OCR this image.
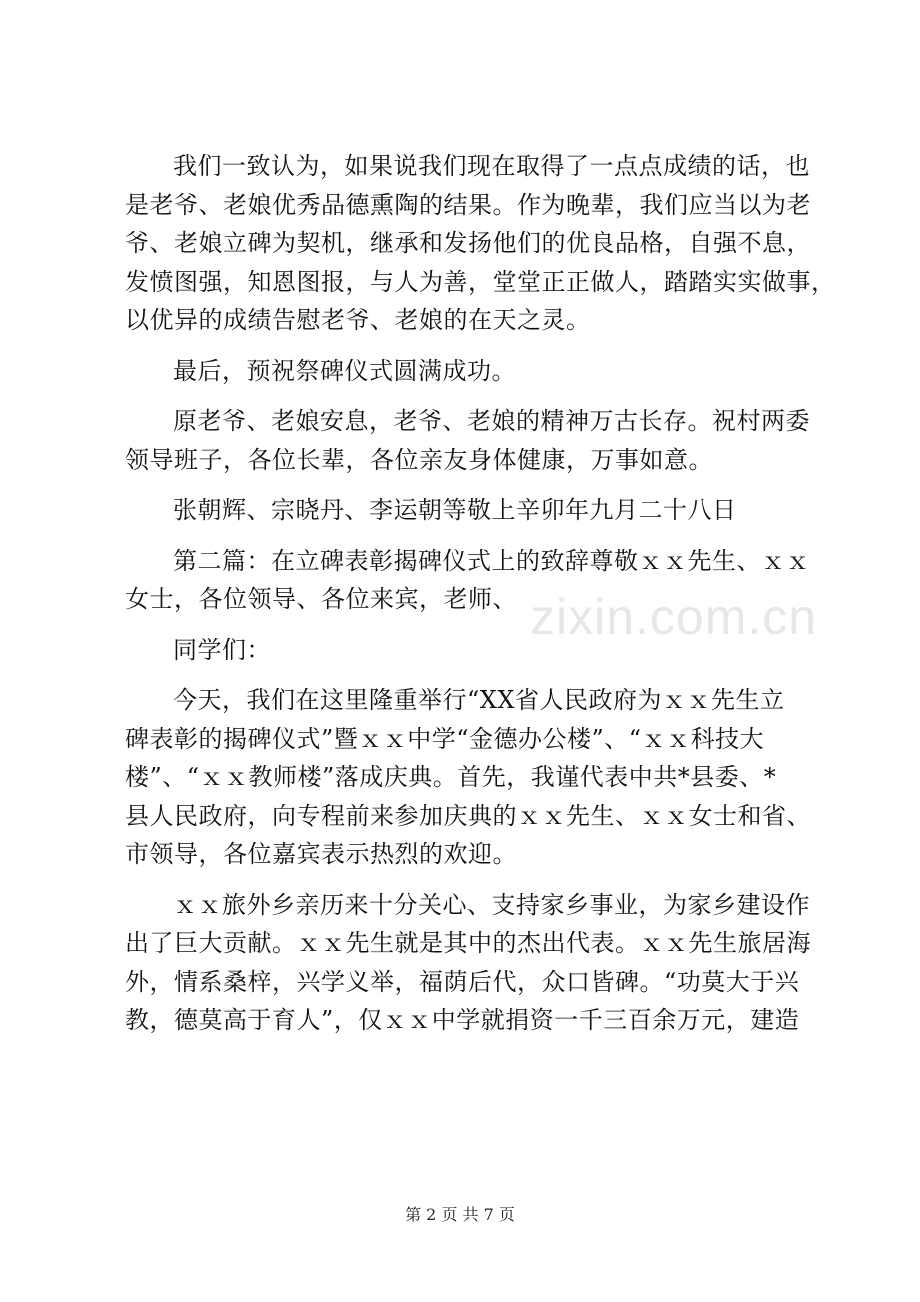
我们一致认为，如果说我们现在取得了一点点成绩的话，也
是老爷、老娘优秀品德熏陶的结果。作为晚辈，我们应当以为老
爷、老娘立碑为契机，继承和发扬他们的优良品格，自强不息，
发愤图强，知恩图报，与人为善，堂堂正正做人，踏踏实实做事，
以优异的成绩告慰老爷、老娘的在天之灵。

最后，预祝祭碑仪式圆满成功。

原老爷、老娘安息，老爷、老娘的精神万古长存。祝村两委
领导班子，各位长辈，各位亲友身体健康，万事如意。

张朝辉、宗晓丹、李运朝等敬上辛卯年九月二十八日

第二篇：在立碑表彰揭碑仪式上的致辞尊敬ｘｘ先生、ｘｘ
女士，各位领导、各位来宾，老师、

同学们：

今天，我们在这里隆重举行“XX省人民政府为ｘｘ先生立
碑表彰的揭碑仪式”暨ｘｘ中学“金德办公楼”、“ｘｘ科技大
楼”、“ｘｘ教师楼”落成庆典。首先，我谨代表中共*县委、*
县人民政府，向专程前来参加庆典的ｘｘ先生、ｘｘ女士和省、
市领导，各位嘉宾表示热烈的欢迎。

ｘｘ旅外乡亲历来十分关心、支持家乡事业，为家乡建设作
出了巨大贡献。ｘｘ先生就是其中的杰出代表。ｘｘ先生旅居海
外，情系桑梓，兴学义举，福荫后代，众口皆碑。“功莫大于兴
教，德莫高于育人”，仅ｘｘ中学就捐资一千三百余万元，建造

zixin.com.cn
第 2 页 共 7 页
